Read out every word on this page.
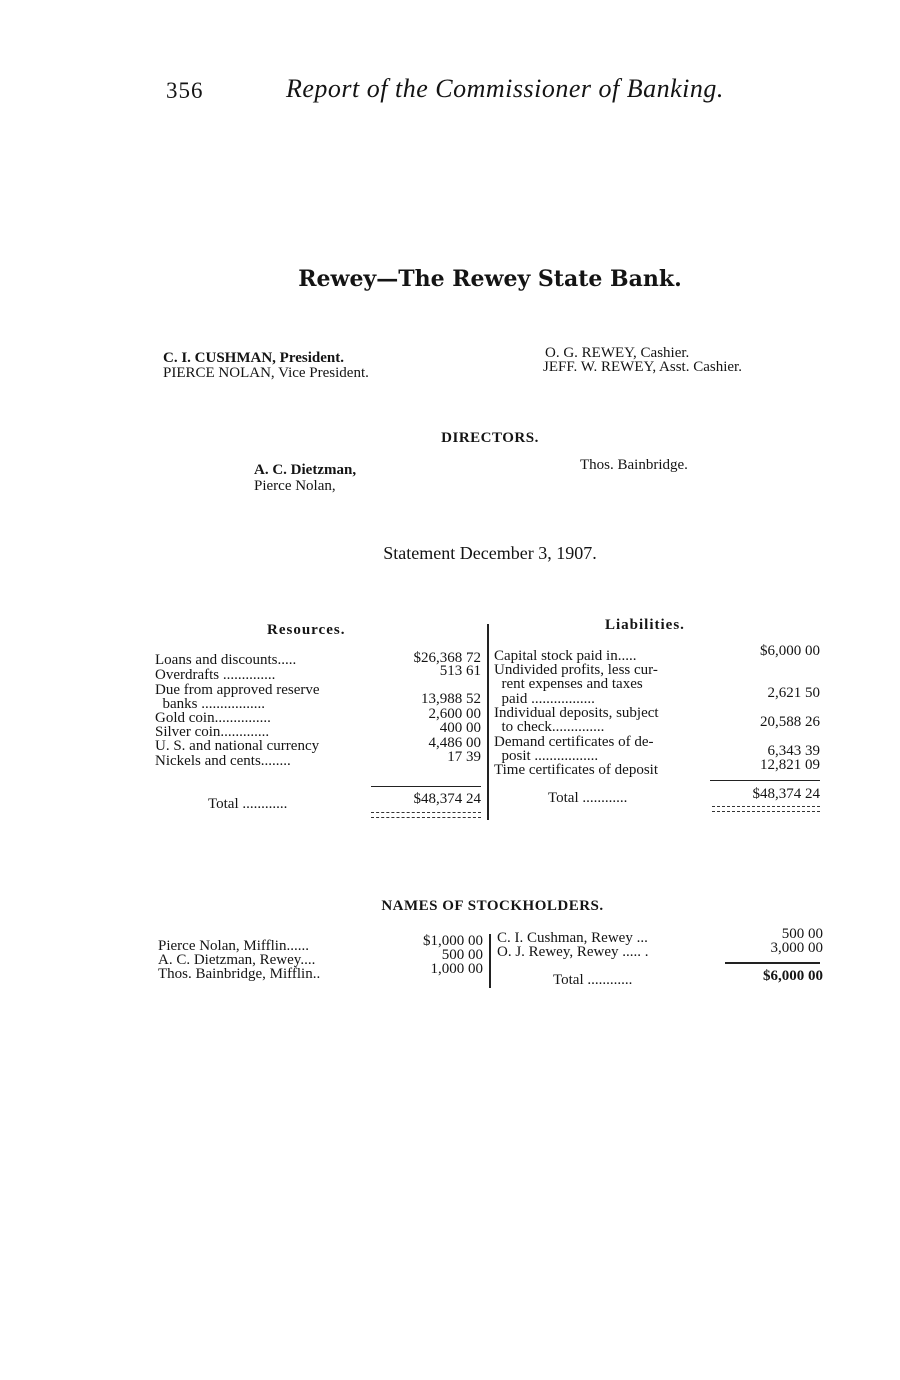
356	Report of the Commissioner of Banking.
Rewey—The Rewey State Bank.
C. I. CUSHMAN, President.
PIERCE NOLAN, Vice President.
O. G. REWEY, Cashier.
JEFF. W. REWEY, Asst. Cashier.
DIRECTORS.
A. C. Dietzman,
Pierce Nolan,
Thos. Bainbridge.
Statement December 3, 1907.
Resources.
Loans and discounts.....	$26,368 72
Overdrafts ..............	513 61
Due from approved reserve
banks .................	13,988 52
Gold coin...............	2,600 00
Silver coin.............	400 00
U. S. and national currency	4,486 00
Nickels and cents........	17 39
Total ............	$48,374 24
Liabilities.
Capital stock paid in.....	$6,000 00
Undivided profits, less cur-
rent expenses and taxes
paid .................	2,621 50
Individual deposits, subject
to check..............	20,588 26
Demand certificates of de-
posit .................	6,343 39
Time certificates of deposit	12,821 09
Total ............	$48,374 24
NAMES OF STOCKHOLDERS.
Pierce Nolan, Mifflin......	$1,000 00
A. C. Dietzman, Rewey....	500 00
Thos. Bainbridge, Mifflin..	1,000 00
C. I. Cushman, Rewey ...	500 00
O. J. Rewey, Rewey ..... .	3,000 00
Total ............	$6,000 00
